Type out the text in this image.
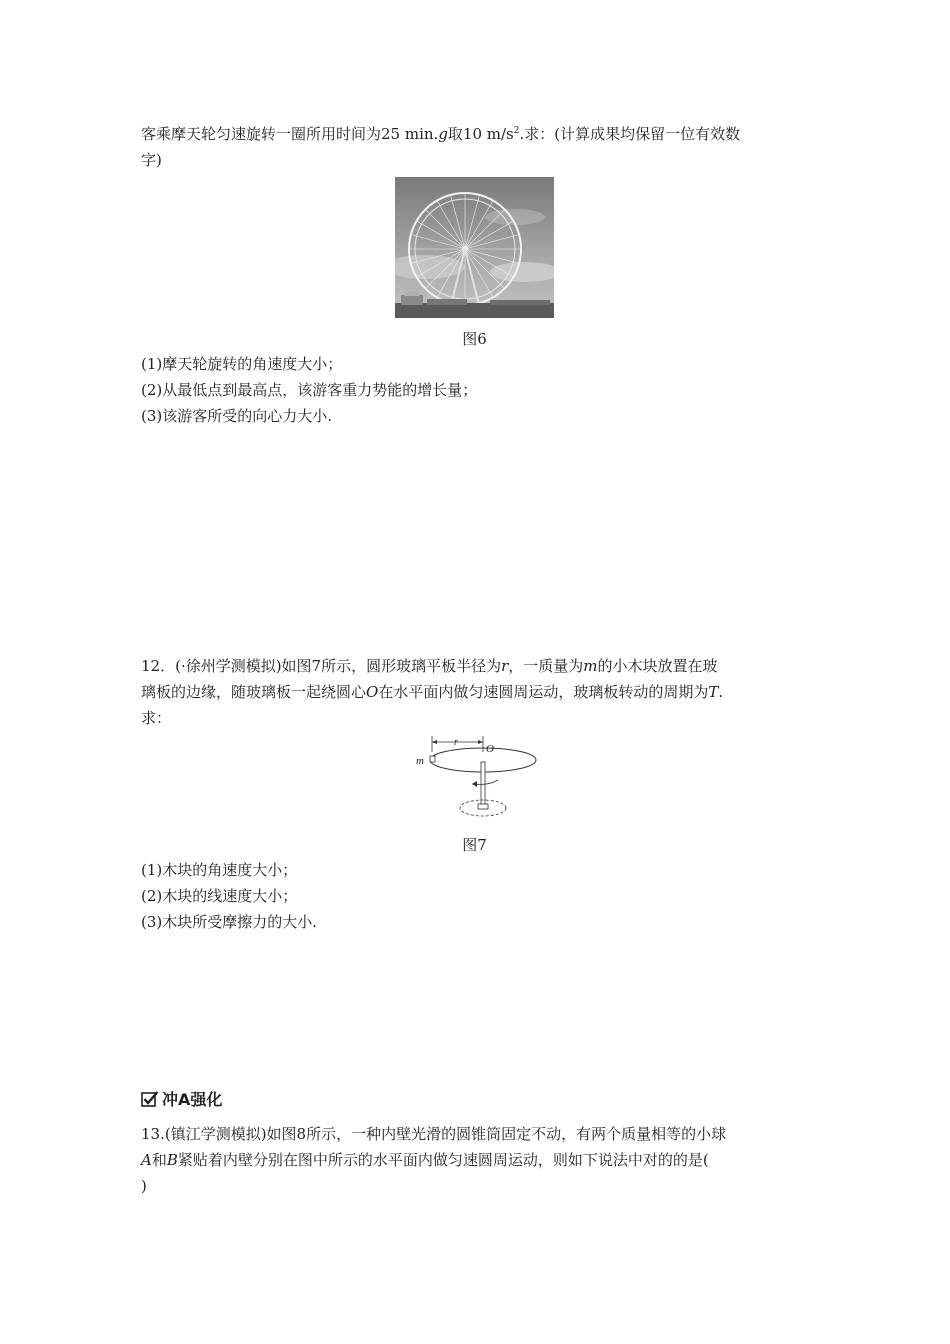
客乘摩天轮匀速旋转一圈所用时间为25 min.g取10 $m/s^2$.求：(计算成果均保留一位有效数
字)
图6
(1)摩天轮旋转的角速度大小；
(2)从最低点到最高点，该游客重力势能的增长量；
(3)该游客所受的向心力大小.
12．(·徐州学测模拟)如图7所示，圆形玻璃平板半径为r，一质量为m的小木块放置在玻
璃板的边缘，随玻璃板一起绕圆心O在水平面内做匀速圆周运动，玻璃板转动的周期为T.
求：
r
O
m
图7
(1)木块的角速度大小；
(2)木块的线速度大小；
(3)木块所受摩擦力的大小.
冲A强化
13.(镇江学测模拟)如图8所示，一种内壁光滑的圆锥筒固定不动，有两个质量相等的小球
A和B紧贴着内壁分别在图中所示的水平面内做匀速圆周运动，则如下说法中对的的是(
)
